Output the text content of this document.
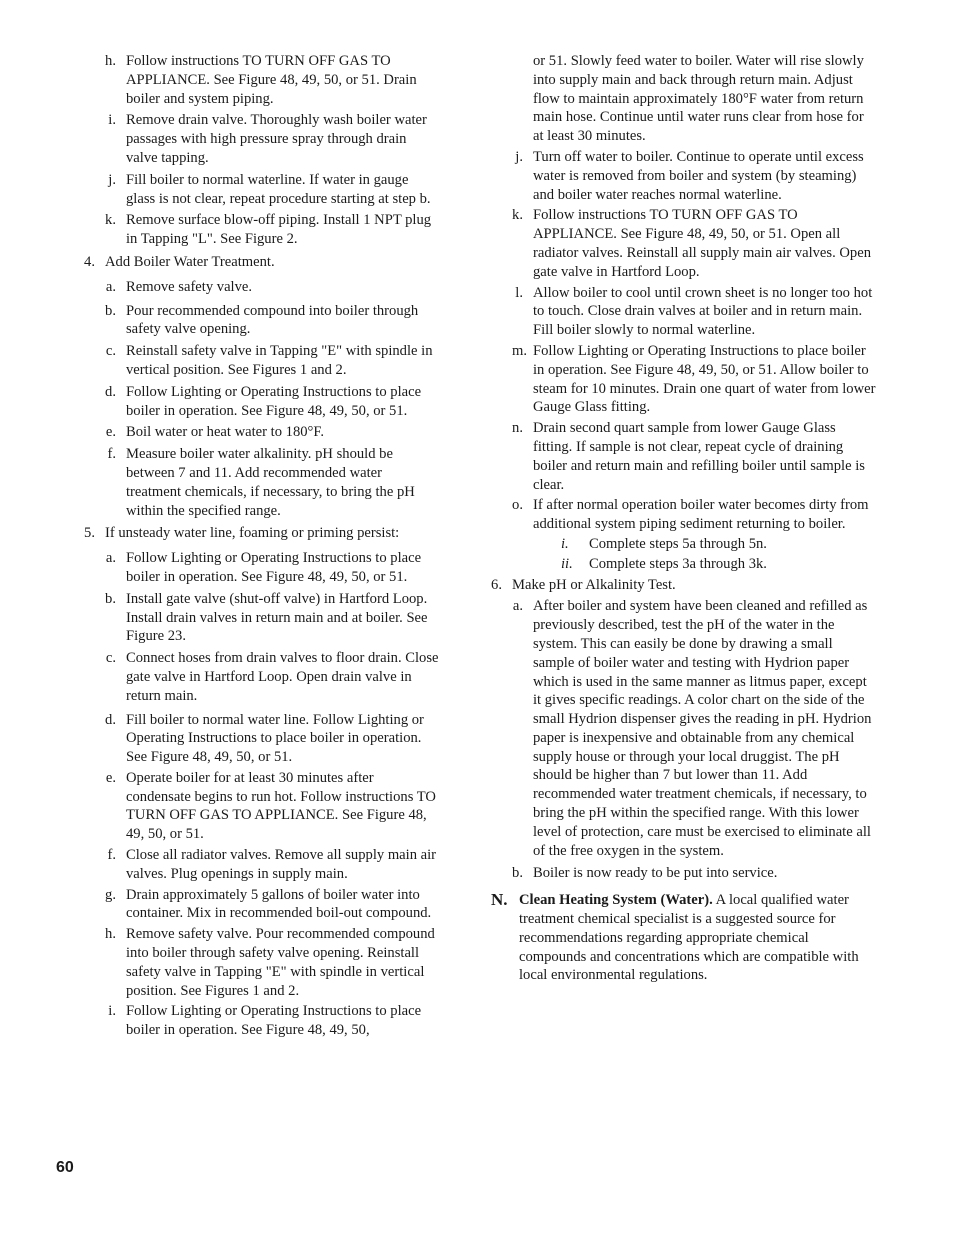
h. Follow instructions TO TURN OFF GAS TO APPLIANCE. See Figure 48, 49, 50, or 51. Drain boiler and system piping.
i. Remove drain valve. Thoroughly wash boiler water passages with high pressure spray through drain valve tapping.
j. Fill boiler to normal waterline. If water in gauge glass is not clear, repeat procedure starting at step b.
k. Remove surface blow-off piping. Install 1 NPT plug in Tapping "L". See Figure 2.
4. Add Boiler Water Treatment.
a. Remove safety valve.
b. Pour recommended compound into boiler through safety valve opening.
c. Reinstall safety valve in Tapping "E" with spindle in vertical position. See Figures 1 and 2.
d. Follow Lighting or Operating Instructions to place boiler in operation. See Figure 48, 49, 50, or 51.
e. Boil water or heat water to 180°F.
f. Measure boiler water alkalinity. pH should be between 7 and 11. Add recommended water treatment chemicals, if necessary, to bring the pH within the specified range.
5. If unsteady water line, foaming or priming persist:
a. Follow Lighting or Operating Instructions to place boiler in operation. See Figure 48, 49, 50, or 51.
b. Install gate valve (shut-off valve) in Hartford Loop. Install drain valves in return main and at boiler. See Figure 23.
c. Connect hoses from drain valves to floor drain. Close gate valve in Hartford Loop. Open drain valve in return main.
d. Fill boiler to normal water line. Follow Lighting or Operating Instructions to place boiler in operation. See Figure 48, 49, 50, or 51.
e. Operate boiler for at least 30 minutes after condensate begins to run hot. Follow instructions TO TURN OFF GAS TO APPLIANCE. See Figure 48, 49, 50, or 51.
f. Close all radiator valves. Remove all supply main air valves. Plug openings in supply main.
g. Drain approximately 5 gallons of boiler water into container. Mix in recommended boil-out compound.
h. Remove safety valve. Pour recommended compound into boiler through safety valve opening. Reinstall safety valve in Tapping "E" with spindle in vertical position. See Figures 1 and 2.
i. Follow Lighting or Operating Instructions to place boiler in operation. See Figure 48, 49, 50,
or 51. Slowly feed water to boiler. Water will rise slowly into supply main and back through return main. Adjust flow to maintain approximately 180°F water from return main hose. Continue until water runs clear from hose for at least 30 minutes.
j. Turn off water to boiler. Continue to operate until excess water is removed from boiler and system (by steaming) and boiler water reaches normal waterline.
k. Follow instructions TO TURN OFF GAS TO APPLIANCE. See Figure 48, 49, 50, or 51. Open all radiator valves. Reinstall all supply main air valves. Open gate valve in Hartford Loop.
l. Allow boiler to cool until crown sheet is no longer too hot to touch. Close drain valves at boiler and in return main. Fill boiler slowly to normal waterline.
m. Follow Lighting or Operating Instructions to place boiler in operation. See Figure 48, 49, 50, or 51. Allow boiler to steam for 10 minutes. Drain one quart of water from lower Gauge Glass fitting.
n. Drain second quart sample from lower Gauge Glass fitting. If sample is not clear, repeat cycle of draining boiler and return main and refilling boiler until sample is clear.
o. If after normal operation boiler water becomes dirty from additional system piping sediment returning to boiler.
i.	Complete steps 5a through 5n.
ii.	Complete steps 3a through 3k.
6. Make pH or Alkalinity Test.
a. After boiler and system have been cleaned and refilled as previously described, test the pH of the water in the system. This can easily be done by drawing a small sample of boiler water and testing with Hydrion paper which is used in the same manner as litmus paper, except it gives specific readings. A color chart on the side of the small Hydrion dispenser gives the reading in pH. Hydrion paper is inexpensive and obtainable from any chemical supply house or through your local druggist. The pH should be higher than 7 but lower than 11. Add recommended water treatment chemicals, if necessary, to bring the pH within the specified range. With this lower level of protection, care must be exercised to eliminate all of the free oxygen in the system.
b. Boiler is now ready to be put into service.
N. Clean Heating System (Water). A local qualified water treatment chemical specialist is a suggested source for recommendations regarding appropriate chemical compounds and concentrations which are compatible with local environmental regulations.
60
